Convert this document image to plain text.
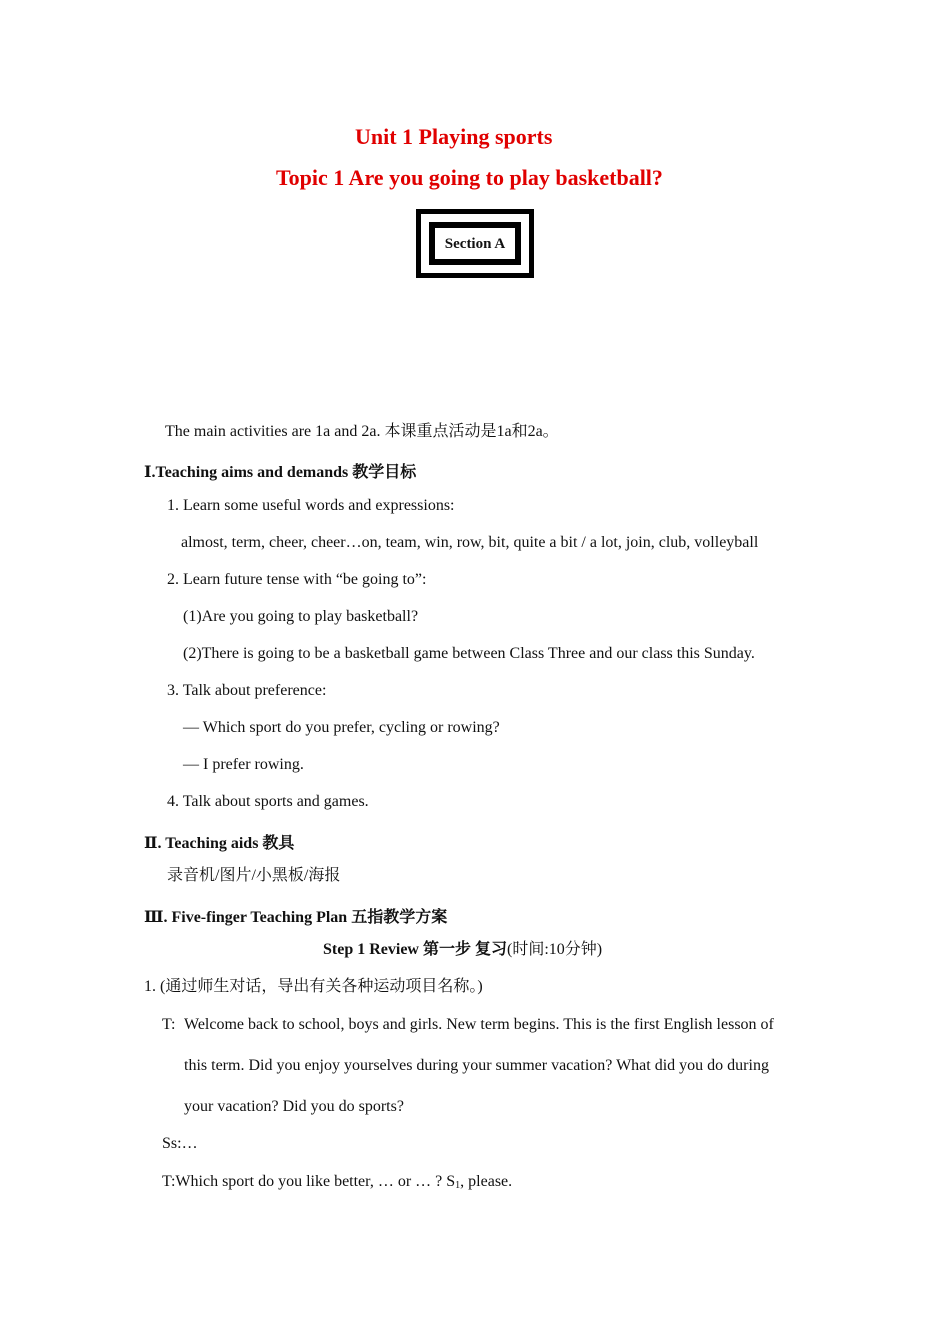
Unit 1 Playing sports
Topic 1 Are you going to play basketball?
Section A
The main activities are 1a and 2a. 本课重点活动是1a和2a。
Ⅰ.Teaching aims and demands 教学目标
1. Learn some useful words and expressions:
almost, term, cheer, cheer…on, team, win, row, bit, quite a bit / a lot, join, club, volleyball
2. Learn future tense with “be going to”:
(1)Are you going to play basketball?
(2)There is going to be a basketball game between Class Three and our class this Sunday.
3. Talk about preference:
— Which sport do you prefer, cycling or rowing?
— I prefer rowing.
4. Talk about sports and games.
Ⅱ. Teaching aids 教具
录音机/图片/小黑板/海报
Ⅲ. Five-finger Teaching Plan 五指教学方案
Step 1 Review 第一步 复习(时间:10分钟)
1. (通过师生对话，导出有关各种运动项目名称。)
T: Welcome back to school, boys and girls. New term begins. This is the first English lesson of
this term. Did you enjoy yourselves during your summer vacation? What did you do during
your vacation? Did you do sports?
Ss:…
T:Which sport do you like better, … or … ? $S_1$, please.
